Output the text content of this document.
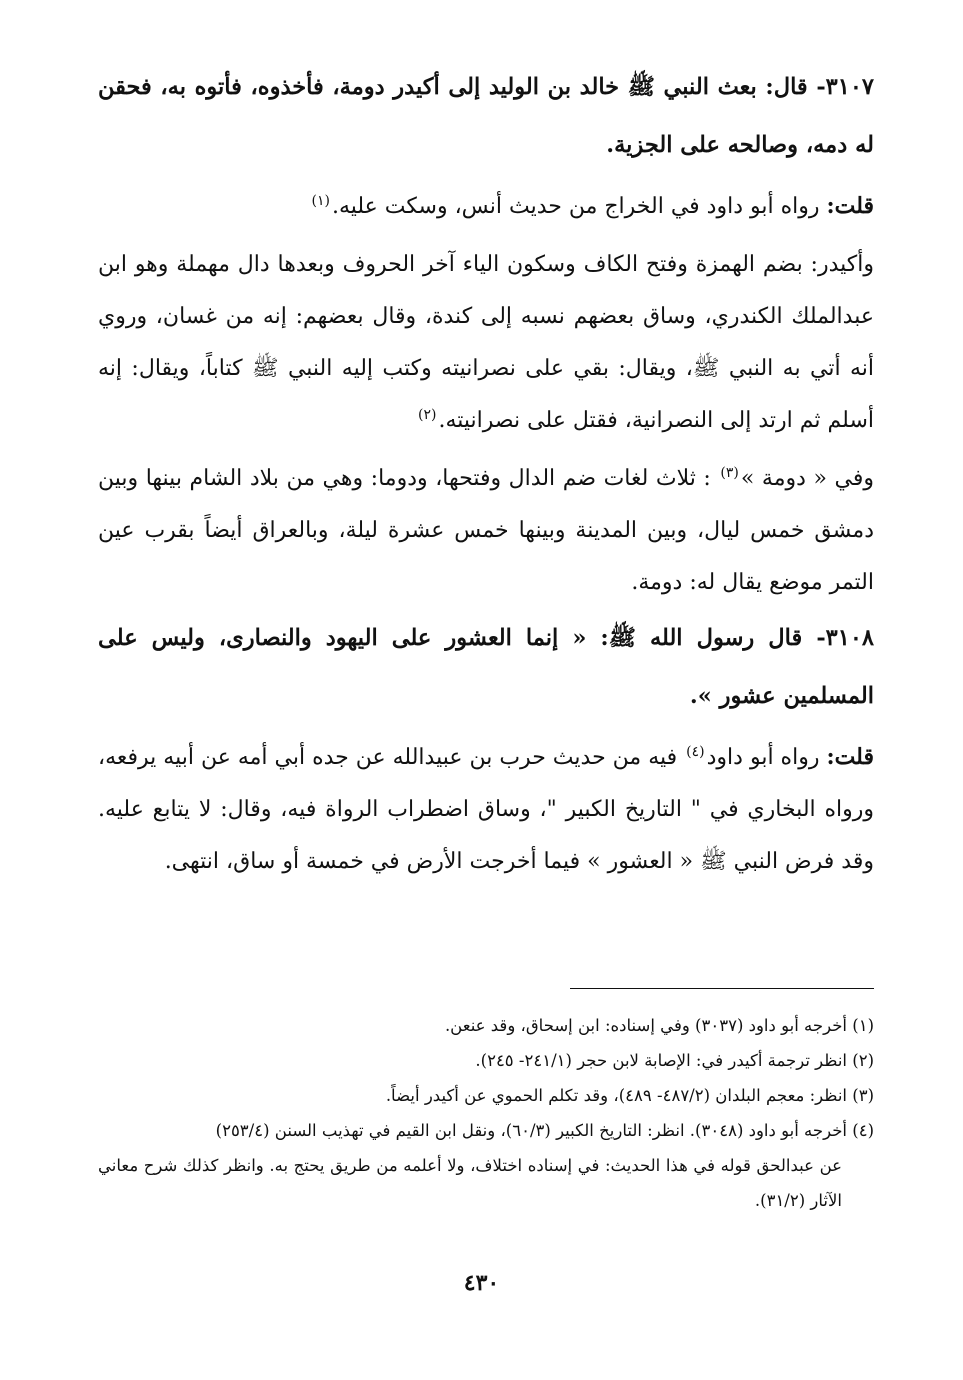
٣١٠٧- قال: بعث النبي ﷺ خالد بن الوليد إلى أكيدر دومة، فأخذوه، فأتوه به، فحقن له دمه، وصالحه على الجزية.

قلت: رواه أبو داود في الخراج من حديث أنس، وسكت عليه.$^{(١)}$

وأكيدر: بضم الهمزة وفتح الكاف وسكون الياء آخر الحروف وبعدها دال مهملة وهو ابن عبدالملك الكندري، وساق بعضهم نسبه إلى كندة، وقال بعضهم: إنه من غسان، وروي أنه أتي به النبي ﷺ، ويقال: بقي على نصرانيته وكتب إليه النبي ﷺ كتاباً، ويقال: إنه أسلم ثم ارتد إلى النصرانية، فقتل على نصرانيته.$^{(٢)}$

وفي « دومة »$^{(٣)}$ : ثلاث لغات ضم الدال وفتحها، ودوما: وهي من بلاد الشام بينها وبين دمشق خمس ليال، وبين المدينة وبينها خمس عشرة ليلة، وبالعراق أيضاً بقرب عين التمر موضع يقال له: دومة.

٣١٠٨- قال رسول الله ﷺ: « إنما العشور على اليهود والنصارى، وليس على المسلمين عشور ».

قلت: رواه أبو داود$^{(٤)}$ فيه من حديث حرب بن عبيدالله عن جده أبي أمه عن أبيه يرفعه، ورواه البخاري في " التاريخ الكبير "، وساق اضطراب الرواة فيه، وقال: لا يتابع عليه. وقد فرض النبي ﷺ « العشور » فيما أخرجت الأرض في خمسة أو ساق، انتهى.

(١) أخرجه أبو داود (٣٠٣٧) وفي إسناده: ابن إسحاق، وقد عنعن.

(٢) انظر ترجمة أكيدر في: الإصابة لابن حجر (٢٤١/١- ٢٤٥).

(٣) انظر: معجم البلدان (٤٨٧/٢- ٤٨٩)، وقد تكلم الحموي عن أكيدر أيضاً.

(٤) أخرجه أبو داود (٣٠٤٨). انظر: التاريخ الكبير (٦٠/٣)، ونقل ابن القيم في تهذيب السنن (٢٥٣/٤)

عن عبدالحق قوله في هذا الحديث: في إسناده اختلاف، ولا أعلمه من طريق يحتج به. وانظر كذلك شرح معاني الآثار (٣١/٢).

٤٣٠
